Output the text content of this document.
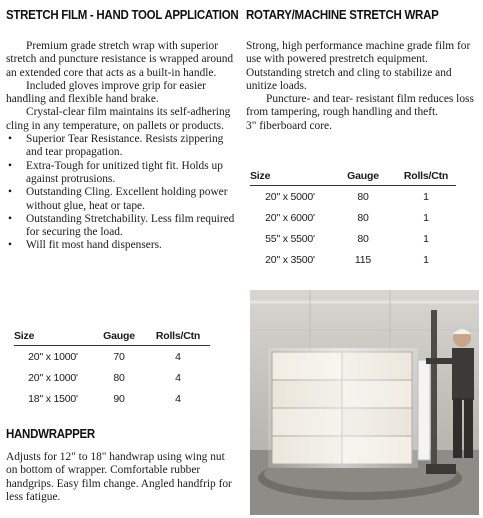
STRETCH FILM - HAND TOOL APPLICATION

Premium grade stretch wrap with superior stretch and puncture resistance is wrapped around an extended core that acts as a built-in handle.

Included gloves improve grip for easier handling and flexible hand brake.

Crystal-clear film maintains its self-adhering cling in any temperature, on pallets or products.

• Superior Tear Resistance. Resists zippering and tear propagation.
• Extra-Tough for unitized tight fit. Holds up against protrusions.
• Outstanding Cling. Excellent holding power without glue, heat or tape.
• Outstanding Stretchability. Less film required for securing the load.
• Will fit most hand dispensers.
Size	Gauge	Rolls/Ctn

20" x 1000'	70	4
20" x 1000'	80	4
18" x 1500'	90	4
HANDWRAPPER

Adjusts for 12" to 18" handwrap using wing nut on bottom of wrapper. Comfortable rubber handgrips. Easy film change. Angled handfrip for less fatigue.

ROTARY/MACHINE STRETCH WRAP

Strong, high performance machine grade film for use with powered prestretch equipment. Outstanding stretch and cling to stabilize and unitize loads.

Puncture- and tear- resistant film reduces loss from tampering, rough handling and theft.

3" fiberboard core.

Size	Gauge	Rolls/Ctn

20" x 5000'	80	1
20" x 6000'	80	1
55" x 5500'	80	1
20" x 3500'	115	1
